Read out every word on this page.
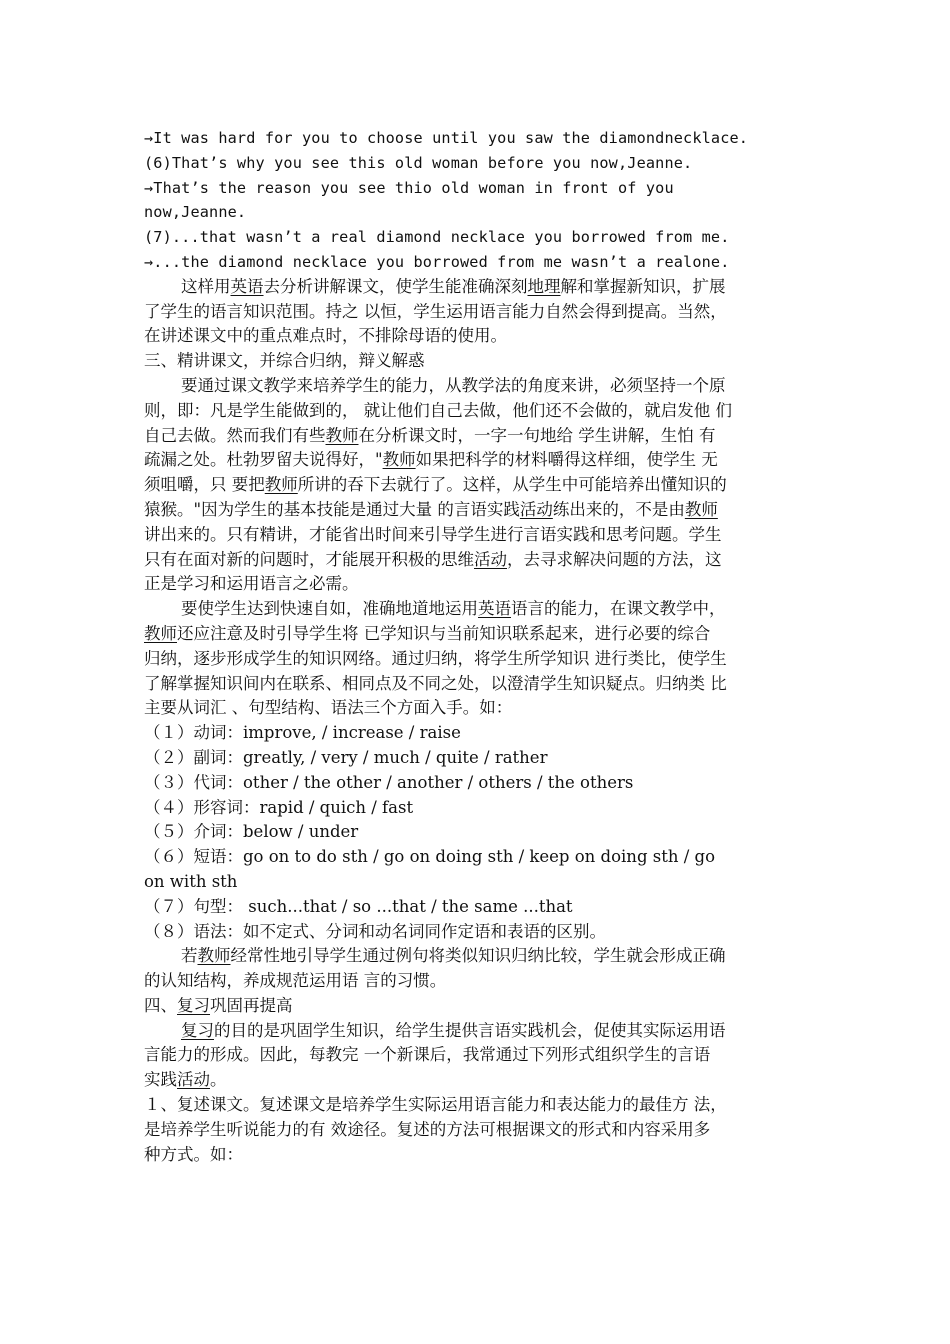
→It was hard for you to choose until you saw the diamondnecklace.
(6)That’s why you see this old woman before you now,Jeanne.
→That’s the reason you see thio old woman in front of you
now,Jeanne.
(7)...that wasn’t a real diamond necklace you borrowed from me.
→...the diamond necklace you borrowed from me wasn’t a realone.
这样用英语去分析讲解课文，使学生能准确深刻地理解和掌握新知识，扩展
了学生的语言知识范围。持之 以恒，学生运用语言能力自然会得到提高。当然，
在讲述课文中的重点难点时，不排除母语的使用。
三、精讲课文，并综合归纳，辩义解惑
要通过课文教学来培养学生的能力，从教学法的角度来讲，必须坚持一个原
则，即：凡是学生能做到的， 就让他们自己去做，他们还不会做的，就启发他 们
自己去做。然而我们有些教师在分析课文时，一字一句地给 学生讲解，生怕 有
疏漏之处。杜勃罗留夫说得好，"教师如果把科学的材料嚼得这样细，使学生 无
须咀嚼，只 要把教师所讲的吞下去就行了。这样，从学生中可能培养出懂知识的
猿猴。"因为学生的基本技能是通过大量 的言语实践活动练出来的，不是由教师
讲出来的。只有精讲，才能省出时间来引导学生进行言语实践和思考问题。学生
只有在面对新的问题时，才能展开积极的思维活动，去寻求解决问题的方法，这
正是学习和运用语言之必需。
要使学生达到快速自如，准确地道地运用英语语言的能力，在课文教学中，
教师还应注意及时引导学生将 已学知识与当前知识联系起来，进行必要的综合
归纳，逐步形成学生的知识网络。通过归纳，将学生所学知识 进行类比，使学生
了解掌握知识间内在联系、相同点及不同之处，以澄清学生知识疑点。归纳类 比
主要从词汇 、句型结构、语法三个方面入手。如：
（１）动词：improve, / increase / raise
（２）副词：greatly, / very / much / quite / rather
（３）代词：other / the other / another / others / the others
（４）形容词：rapid / quich / fast
（５）介词：below / under
（６）短语：go on to do sth / go on doing sth / keep on doing sth / go
on with sth
（７）句型： such...that / so ...that / the same ...that
（８）语法：如不定式、分词和动名词同作定语和表语的区别。
若教师经常性地引导学生通过例句将类似知识归纳比较，学生就会形成正确
的认知结构，养成规范运用语 言的习惯。
四、复习巩固再提高
复习的目的是巩固学生知识，给学生提供言语实践机会，促使其实际运用语
言能力的形成。因此，每教完 一个新课后，我常通过下列形式组织学生的言语
实践活动。
１、复述课文。复述课文是培养学生实际运用语言能力和表达能力的最佳方 法，
是培养学生听说能力的有 效途径。复述的方法可根据课文的形式和内容采用多
种方式。如：
